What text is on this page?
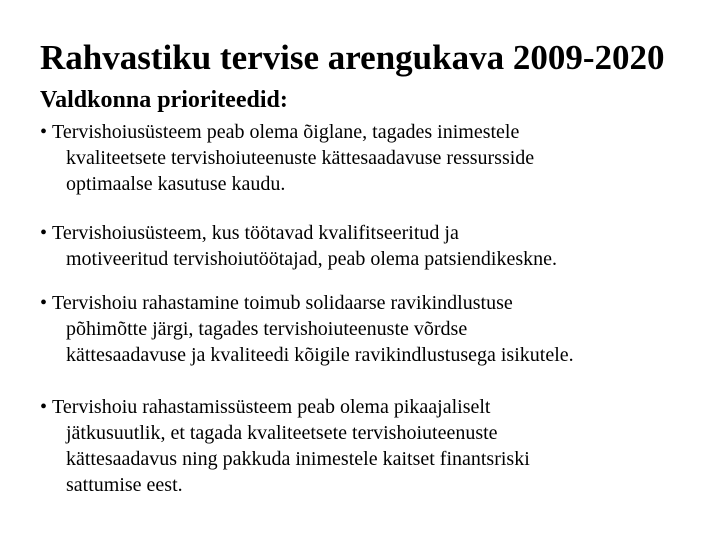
Rahvastiku tervise arengukava 2009-2020
Valdkonna prioriteedid:
• Tervishoiusüsteem peab olema õiglane, tagades inimestele
kvaliteetsete tervishoiuteenuste kättesaadavuse ressursside
optimaalse kasutuse kaudu.
• Tervishoiusüsteem, kus töötavad kvalifitseeritud ja
motiveeritud tervishoiutöötajad, peab olema patsiendikeskne.
• Tervishoiu rahastamine toimub solidaarse ravikindlustuse
põhimõtte järgi, tagades tervishoiuteenuste võrdse
kättesaadavuse ja kvaliteedi kõigile ravikindlustusega isikutele.
• Tervishoiu rahastamissüsteem peab olema pikaajaliselt
jätkusuutlik, et tagada kvaliteetsete tervishoiuteenuste
kättesaadavus ning pakkuda inimestele kaitset finantsriski
sattumise eest.
